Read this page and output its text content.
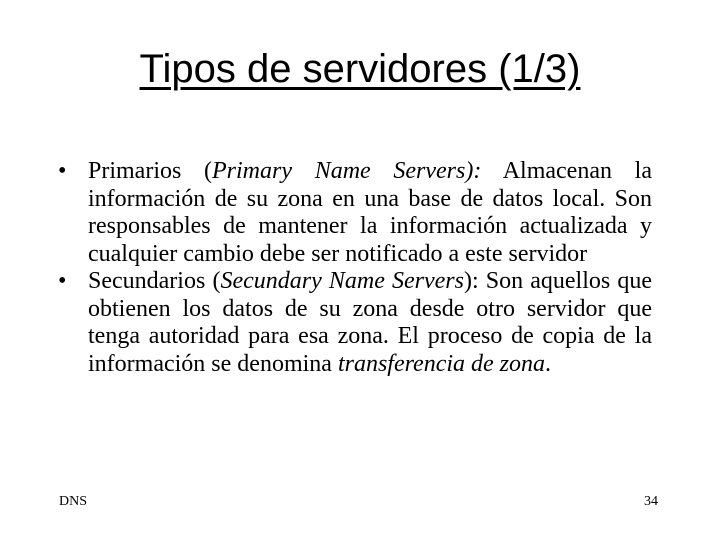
Tipos de servidores (1/3)
• Primarios (Primary Name Servers): Almacenan la información de su zona en una base de datos local. Son responsables de mantener la información actualizada y cualquier cambio debe ser notificado a este servidor
• Secundarios (Secundary Name Servers): Son aquellos que obtienen los datos de su zona desde otro servidor que tenga autoridad para esa zona. El proceso de copia de la información se denomina transferencia de zona.
DNS	34
